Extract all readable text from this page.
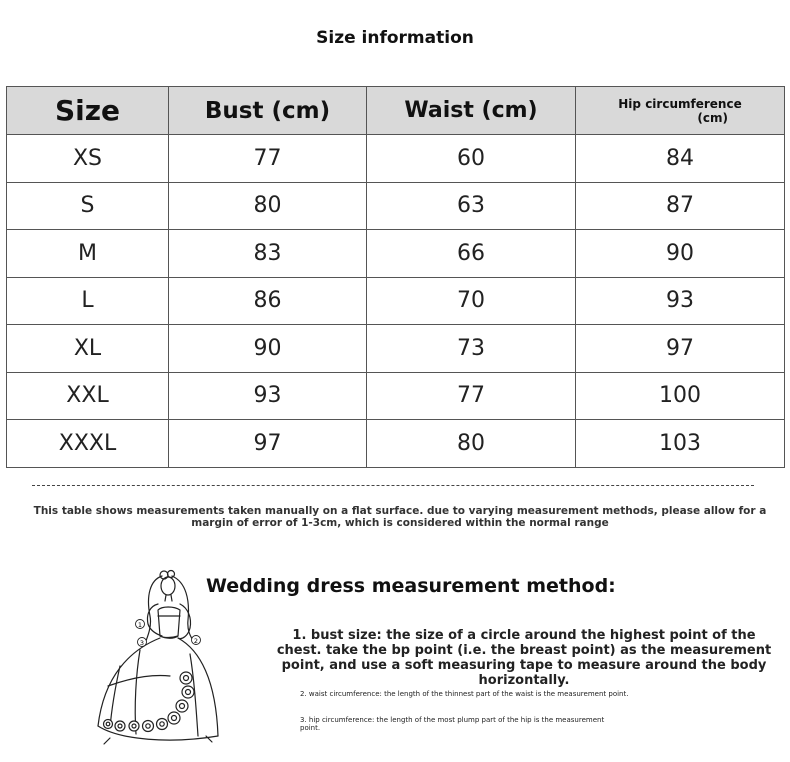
Size information
Size	Bust (cm)	Waist (cm)	Hip circumference
(cm)

XS	77	60	84
S	80	63	87
M	83	66	90
L	86	70	93
XL	90	73	97
XXL	93	77	100
XXXL	97	80	103
This table shows measurements taken manually on a flat surface. due to varying measurement methods, please allow for a margin of error of 1-3cm, which is considered within the normal range
3	2
1
Wedding dress measurement method:
1. bust size: the size of a circle around the highest point of the chest. take the bp point (i.e. the breast point) as the measurement point, and use a soft measuring tape to measure around the body horizontally.
2. waist circumference: the length of the thinnest part of the waist is the measurement point.
3. hip circumference: the length of the most plump part of the hip is the measurement point.
